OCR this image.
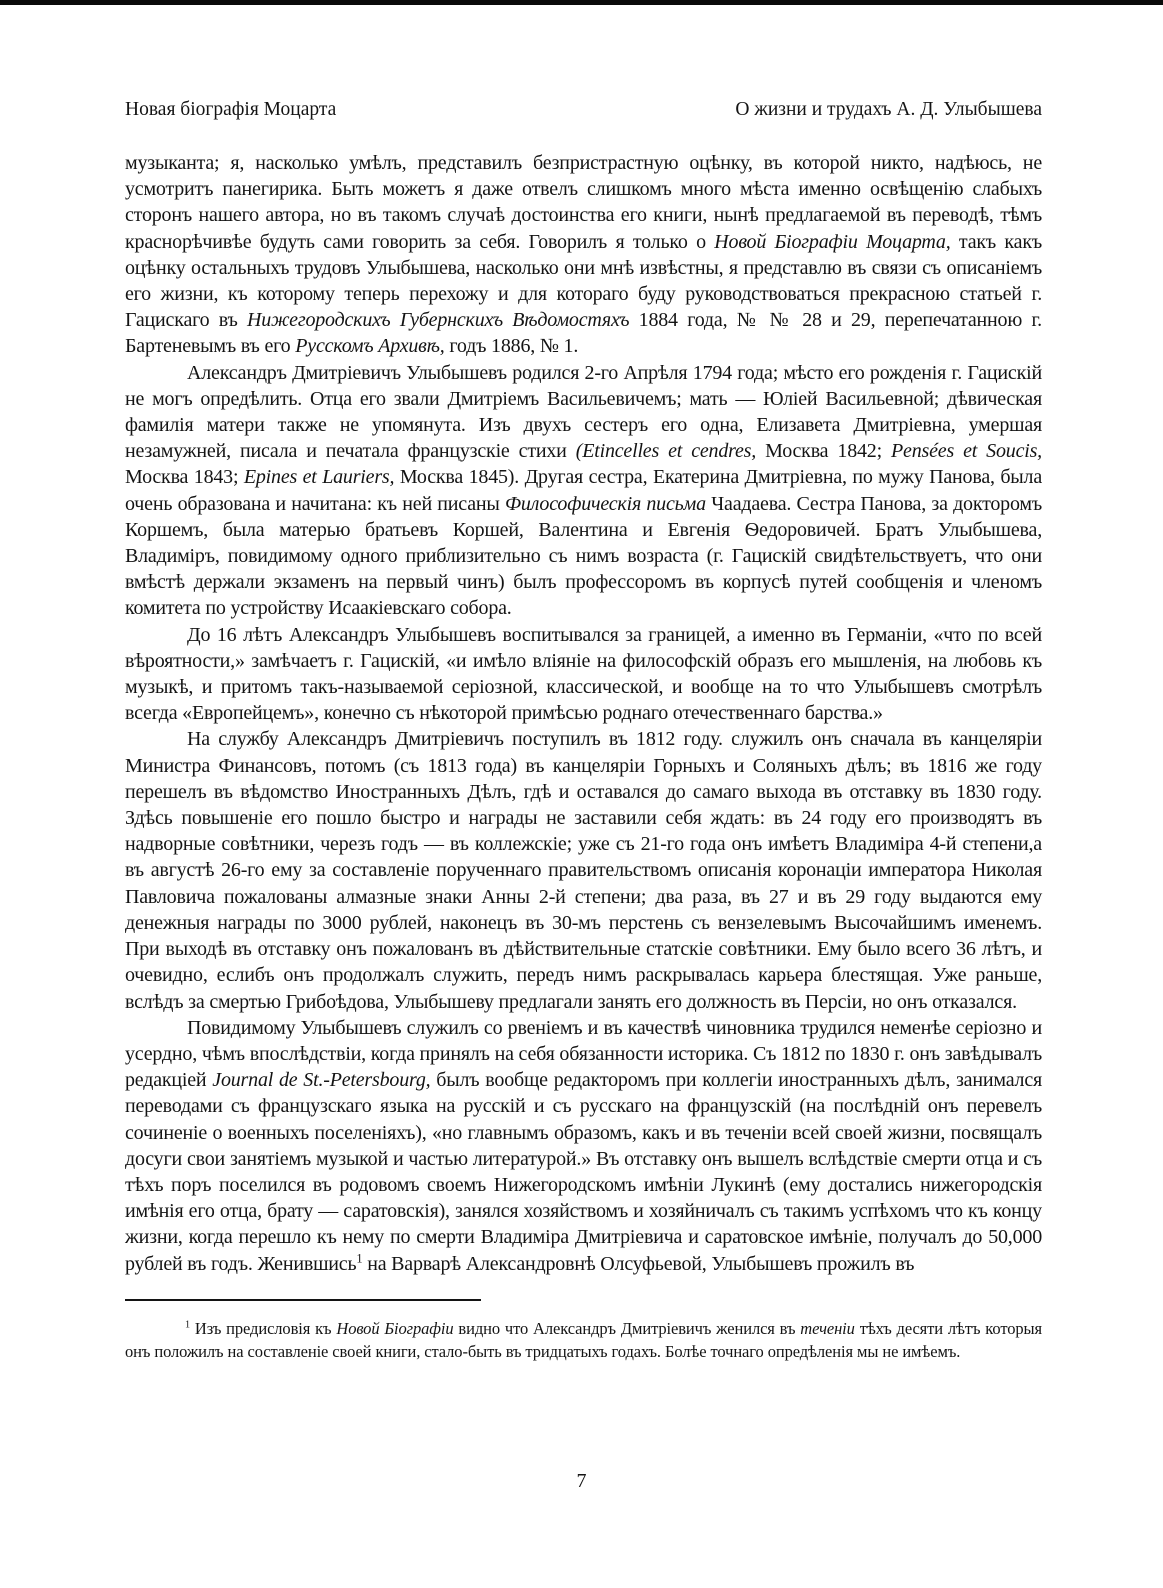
Новая біографія Моцарта	О жизни и трудахъ А. Д. Улыбышева

музыканта; я, насколько умѣлъ, представилъ безпристрастную оцѣнку, въ которой никто, надѣюсь, не усмотритъ панегирика. Быть можетъ я даже отвелъ слишкомъ много мѣста именно освѣщенію слабыхъ сторонъ нашего автора, но въ такомъ случаѣ достоинства его книги, нынѣ предлагаемой въ переводѣ, тѣмъ краснорѣчивѣе будуть сами говорить за себя. Говорилъ я только о Новой Біографіи Моцарта, такъ какъ оцѣнку остальныхъ трудовъ Улыбышева, насколько они мнѣ извѣстны, я представлю въ связи съ описаніемъ его жизни, къ которому теперь перехожу и для котораго буду руководствоваться прекрасною статьей г. Гацискаго въ Нижегородскихъ Губернскихъ Вѣдомостяхъ 1884 года, № № 28 и 29, перепечатанною г. Бартеневымъ въ его Русскомъ Архивѣ, годъ 1886, № 1.

Александръ Дмитріевичъ Улыбышевъ родился 2-го Апрѣля 1794 года; мѣсто его рожденія г. Гацискій не могъ опредѣлить. Отца его звали Дмитріемъ Васильевичемъ; мать — Юліей Васильевной; дѣвическая фамилія матери также не упомянута. Изъ двухъ сестеръ его одна, Елизавета Дмитріевна, умершая незамужней, писала и печатала французскіе стихи (Etincelles et cendres, Москва 1842; Pensées et Soucis, Москва 1843; Epines et Lauriers, Москва 1845). Другая сестра, Екатерина Дмитріевна, по мужу Панова, была очень образована и начитана: къ ней писаны Философическія письма Чаадаева. Сестра Панова, за докторомъ Коршемъ, была матерью братьевъ Коршей, Валентина и Евгенія Ѳедоровичей. Братъ Улыбышева, Владиміръ, повидимому одного приблизительно съ нимъ возраста (г. Гацискій свидѣтельствуетъ, что они вмѣстѣ держали экзаменъ на первый чинъ) былъ профессоромъ въ корпусѣ путей сообщенія и членомъ комитета по устройству Исаакіевскаго собора.

До 16 лѣтъ Александръ Улыбышевъ воспитывался за границей, а именно въ Германіи, «что по всей вѣроятности,» замѣчаетъ г. Гацискій, «и имѣло вліяніе на философскій образъ его мышленія, на любовь къ музыкѣ, и притомъ такъ-называемой серіозной, классической, и вообще на то что Улыбышевъ смотрѣлъ всегда «Европейцемъ», конечно съ нѣкоторой примѣсью роднаго отечественнаго барства.»

На службу Александръ Дмитріевичъ поступилъ въ 1812 году. служилъ онъ сначала въ канцеляріи Министра Финансовъ, потомъ (съ 1813 года) въ канцеляріи Горныхъ и Соляныхъ дѣлъ; въ 1816 же году перешелъ въ вѣдомство Иностранныхъ Дѣлъ, гдѣ и оставался до самаго выхода въ отставку въ 1830 году. Здѣсь повышеніе его пошло быстро и награды не заставили себя ждать: въ 24 году его производятъ въ надворные совѣтники, черезъ годъ — въ коллежскіе; уже съ 21-го года онъ имѣетъ Владиміра 4-й степени,а въ августѣ 26-го ему за составленіе порученнаго правительствомъ описанія коронаціи императора Николая Павловича пожалованы алмазные знаки Анны 2-й степени; два раза, въ 27 и въ 29 году выдаются ему денежныя награды по 3000 рублей, наконецъ въ 30-мъ перстень съ вензелевымъ Высочайшимъ именемъ. При выходѣ въ отставку онъ пожалованъ въ дѣйствительные статскіе совѣтники. Ему было всего 36 лѣтъ, и очевидно, еслибъ онъ продолжалъ служить, передъ нимъ раскрывалась карьера блестящая. Уже раньше, вслѣдъ за смертью Грибоѣдова, Улыбышеву предлагали занять его должность въ Персіи, но онъ отказался.

Повидимому Улыбышевъ служилъ со рвеніемъ и въ качествѣ чиновника трудился неменѣе серіозно и усердно, чѣмъ впослѣдствіи, когда принялъ на себя обязанности историка. Съ 1812 по 1830 г. онъ завѣдывалъ редакціей Journal de St.-Petersbourg, былъ вообще редакторомъ при коллегіи иностранныхъ дѣлъ, занимался переводами съ французскаго языка на русскій и съ русскаго на французскій (на послѣдній онъ перевелъ сочиненіе о военныхъ поселеніяхъ), «но главнымъ образомъ, какъ и въ теченіи всей своей жизни, посвящалъ досуги свои занятіемъ музыкой и частью литературой.» Въ отставку онъ вышелъ вслѣдствіе смерти отца и съ тѣхъ поръ поселился въ родовомъ своемъ Нижегородскомъ имѣніи Лукинѣ (ему достались нижегородскія имѣнія его отца, брату — саратовскія), занялся хозяйствомъ и хозяйничалъ съ такимъ успѣхомъ что къ концу жизни, когда перешло къ нему по смерти Владиміра Дмитріевича и саратовское имѣніе, получалъ до 50,000 рублей въ годъ. Женившись$^1$ на Варварѣ Александровнѣ Олсуфьевой, Улыбышевъ прожилъ въ

$^1$ Изъ предисловія къ Новой Біографіи видно что Александръ Дмитріевичъ женился въ теченіи тѣхъ десяти лѣтъ которыя онъ положилъ на составленіе своей книги, стало-быть въ тридцатыхъ годахъ. Болѣе точнаго опредѣленія мы не имѣемъ.

7
